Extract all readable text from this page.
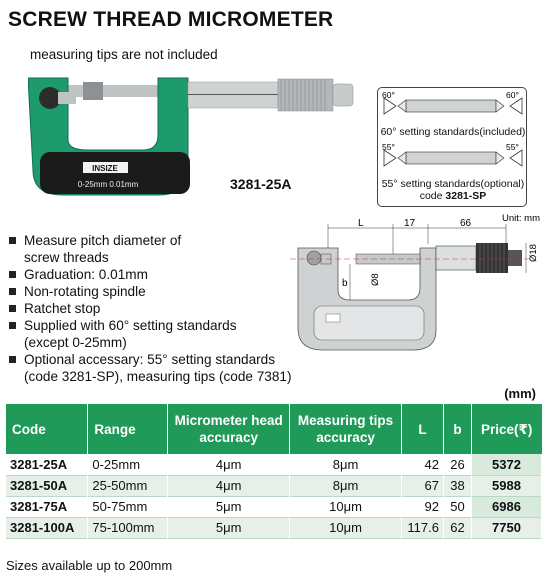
SCREW THREAD MICROMETER
measuring tips are not included
INSIZE
0-25mm 0.01mm	3281-25A
60°	60°
55°	55°
60° setting standards(included)
55° setting standards(optional)
code 3281-SP
Unit: mm
L	17	66
Ø18
b Ø8
Measure pitch diameter of
screw threads
Graduation: 0.01mm
Non-rotating spindle
Ratchet stop
Supplied with 60° setting standards
(except 0-25mm)
Optional accessary: 55° setting standards
(code 3281-SP), measuring tips (code 7381)
(mm)
Code	Range	Micrometer head accuracy	Measuring tips accuracy	L	b	Price(₹)
3281-25A	0-25mm	4μm	8μm	42	26	5372
3281-50A	25-50mm	4μm	8μm	67	38	5988
3281-75A	50-75mm	5μm	10μm	92	50	6986
3281-100A	75-100mm	5μm	10μm	117.6	62	7750
Sizes available up to 200mm
